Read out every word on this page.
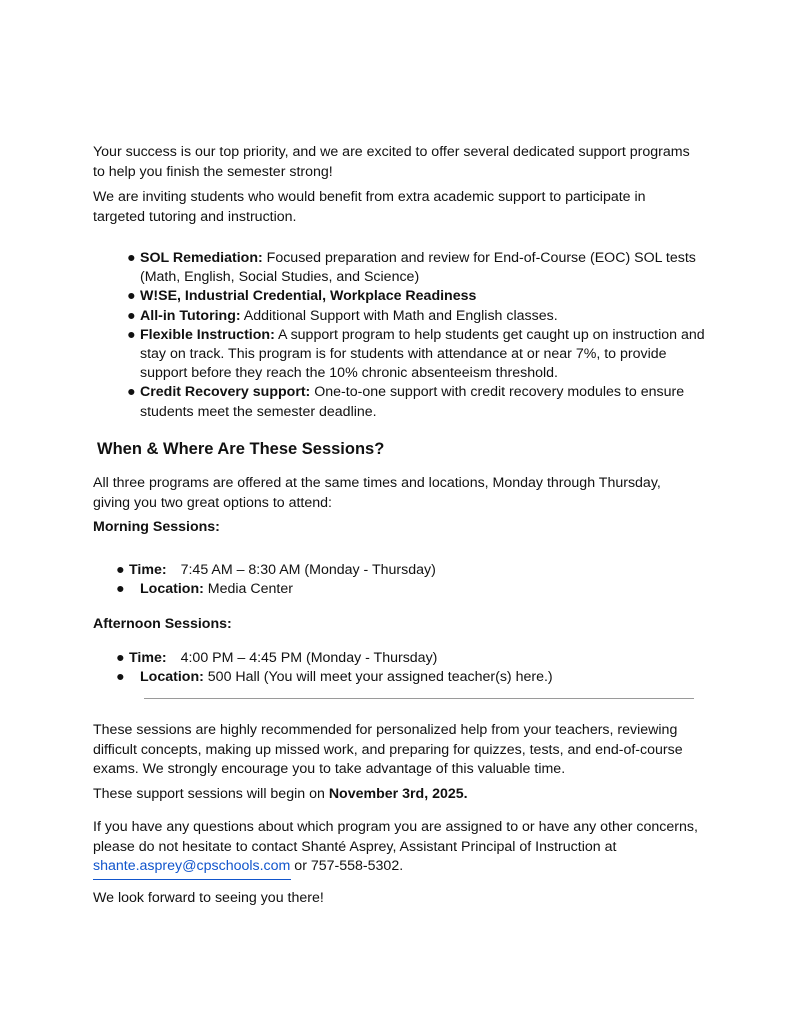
Your success is our top priority, and we are excited to offer several dedicated support programs to help you finish the semester strong!

We are inviting students who would benefit from extra academic support to participate in targeted tutoring and instruction.

● SOL Remediation: Focused preparation and review for End-of-Course (EOC) SOL tests (Math, English, Social Studies, and Science)
● W!SE, Industrial Credential, Workplace Readiness
● All-in Tutoring: Additional Support with Math and English classes.
● Flexible Instruction: A support program to help students get caught up on instruction and stay on track. This program is for students with attendance at or near 7%, to provide support before they reach the 10% chronic absenteeism threshold.
● Credit Recovery support: One-to-one support with credit recovery modules to ensure students meet the semester deadline.
When & Where Are These Sessions?

All three programs are offered at the same times and locations, Monday through Thursday, giving you two great options to attend:

Morning Sessions:

● Time: 7:45 AM – 8:30 AM (Monday - Thursday)
● Location: Media Center

Afternoon Sessions:

● Time: 4:00 PM – 4:45 PM (Monday - Thursday)
● Location: 500 Hall (You will meet your assigned teacher(s) here.)

These sessions are highly recommended for personalized help from your teachers, reviewing difficult concepts, making up missed work, and preparing for quizzes, tests, and end-of-course exams. We strongly encourage you to take advantage of this valuable time.

These support sessions will begin on November 3rd, 2025.

If you have any questions about which program you are assigned to or have any other concerns, please do not hesitate to contact Shanté Asprey, Assistant Principal of Instruction at shante.asprey@cpschools.com or 757-558-5302.

We look forward to seeing you there!
